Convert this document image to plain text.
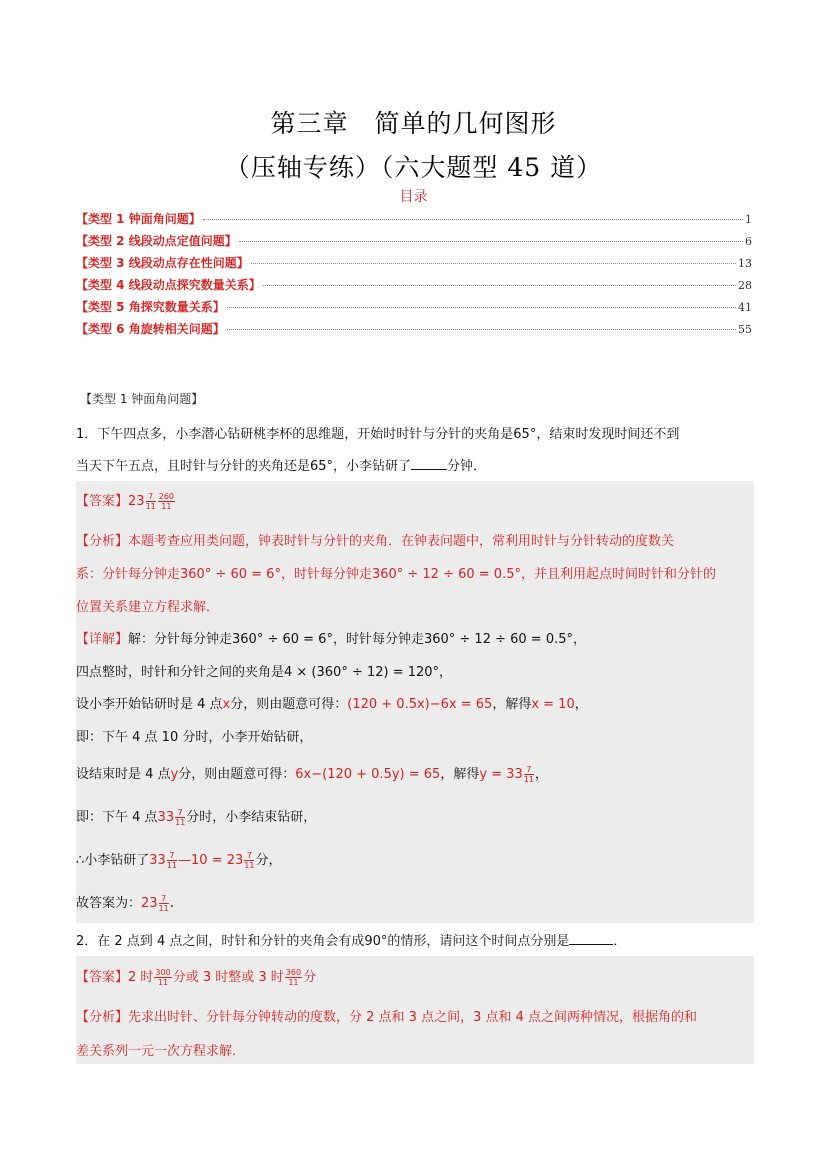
第三章　简单的几何图形
（压轴专练）（六大题型 45 道）
目录
【类型 1 钟面角问题】	1
【类型 2 线段动点定值问题】	6
【类型 3 线段动点存在性问题】	13
【类型 4 线段动点探究数量关系】	28
【类型 5 角探究数量关系】	41
【类型 6 角旋转相关问题】	55
【类型 1 钟面角问题】
1．下午四点多，小李潜心钻研桃李杯的思维题，开始时时针与分针的夹角是65°，结束时发现时间还不到
当天下午五点，且时针与分针的夹角还是65°，小李钻研了	分钟．
【答案】$23 \frac{7}{11} \frac{260}{11}$
【分析】本题考查应用类问题，钟表时针与分针的夹角．在钟表问题中，常利用时针与分针转动的度数关
系：分针每分钟走360° ÷ 60 = 6°，时针每分钟走360° ÷ 12 ÷ 60 = 0.5°，并且利用起点时间时针和分针的
位置关系建立方程求解．
【详解】解：分针每分钟走360° ÷ 60 = 6°，时针每分钟走360° ÷ 12 ÷ 60 = 0.5°，
四点整时，时针和分针之间的夹角是4 × (360° ÷ 12) = 120°，
设小李开始钻研时是 4 点x分，则由题意可得：(120 + 0.5x)−6x = 65，解得x = 10，
即：下午 4 点 10 分时，小李开始钻研，
设结束时是 4 点y分，则由题意可得：6x−(120 + 0.5y) = 65，解得$y = 33 \frac{7}{11}$ ，
即：下午 4 点$33 \frac{7}{11}$ 分时，小李结束钻研，
∴小李钻研了$33 \frac{7}{11}$ —10 = $23 \frac{7}{11}$ 分，
故答案为：$23 \frac{7}{11}$ .
2．在 2 点到 4 点之间，时针和分针的夹角会有成90°的情形，请问这个时间点分别是	．
【答案】2 时 $\frac{300}{11}$ 分或 3 时整或 3 时 $\frac{360}{11}$ 分
【分析】先求出时针、分针每分钟转动的度数，分 2 点和 3 点之间，3 点和 4 点之间两种情况，根据角的和
差关系列一元一次方程求解．
